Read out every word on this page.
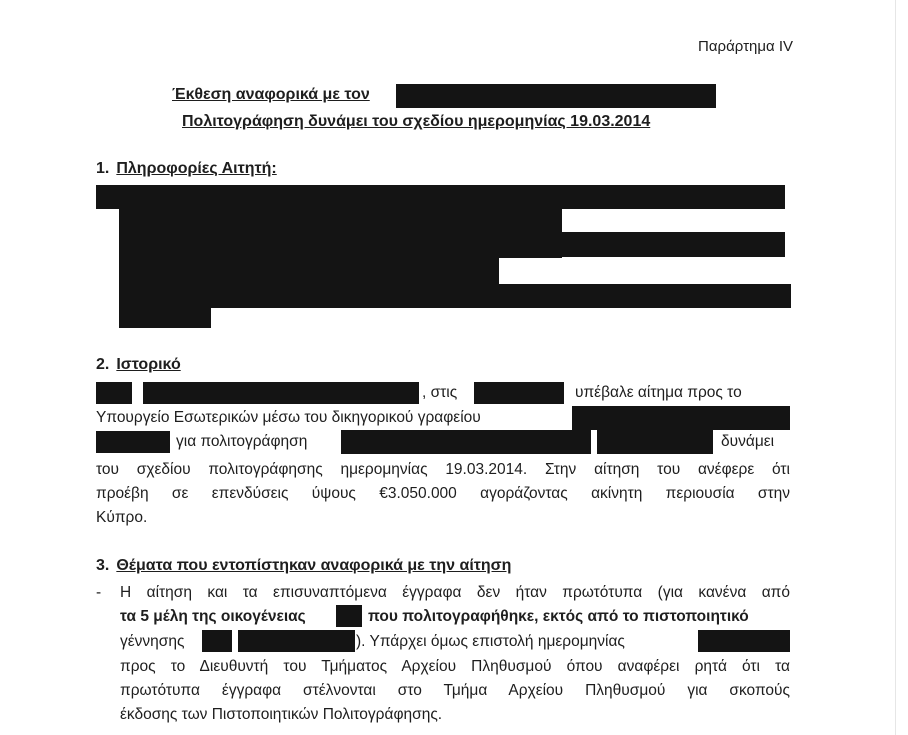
Παράρτημα IV
Έκθεση αναφορικά με τον
Πολιτογράφηση δυνάμει του σχεδίου ημερομηνίας 19.03.2014
1. Πληροφορίες Αιτητή:
2. Ιστορικό
, στις	υπέβαλε αίτημα προς το
Υπουργείο Εσωτερικών μέσω του δικηγορικού γραφείου
για πολιτογράφηση	δυνάμει
του σχεδίου πολιτογράφησης ημερομηνίας 19.03.2014. Στην αίτηση του ανέφερε ότι
προέβη σε επενδύσεις ύψους €3.050.000 αγοράζοντας ακίνητη περιουσία στην
Κύπρο.
3. Θέματα που εντοπίστηκαν αναφορικά με την αίτηση
- Η αίτηση και τα επισυναπτόμενα έγγραφα δεν ήταν πρωτότυπα (για κανένα από
τα 5 μέλη της οικογένειας	που πολιτογραφήθηκε, εκτός από το πιστοποιητικό
γέννησης	). Υπάρχει όμως επιστολή ημερομηνίας
προς το Διευθυντή του Τμήματος Αρχείου Πληθυσμού όπου αναφέρει ρητά ότι τα
πρωτότυπα έγγραφα στέλνονται στο Τμήμα Αρχείου Πληθυσμού για σκοπούς
έκδοσης των Πιστοποιητικών Πολιτογράφησης.
